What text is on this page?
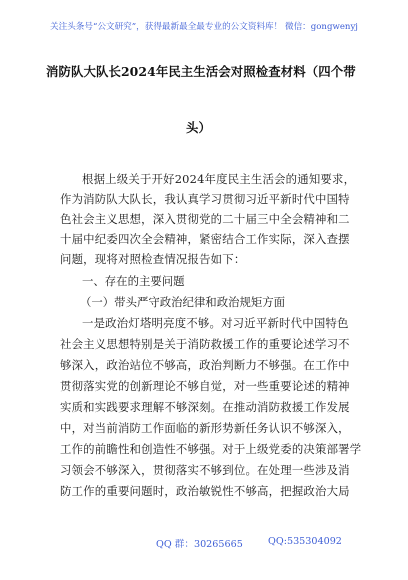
关注头条号“公文研究”，获得最新最全最专业的公文资料库！ 微信：gongwenyj
消防队大队长2024年民主生活会对照检查材料（四个带
头）
根据上级关于开好2024年度民主生活会的通知要求，
作为消防队大队长，我认真学习贯彻习近平新时代中国特
色社会主义思想，深入贯彻党的二十届三中全会精神和二
十届中纪委四次全会精神，紧密结合工作实际，深入查摆
问题，现将对照检查情况报告如下：
一、存在的主要问题
（一）带头严守政治纪律和政治规矩方面
一是政治灯塔明亮度不够。对习近平新时代中国特色
社会主义思想特别是关于消防救援工作的重要论述学习不
够深入，政治站位不够高，政治判断力不够强。在工作中
贯彻落实党的创新理论不够自觉，对一些重要论述的精神
实质和实践要求理解不够深刻。在推动消防救援工作发展
中，对当前消防工作面临的新形势新任务认识不够深入，
工作的前瞻性和创造性不够强。对于上级党委的决策部署学
习领会不够深入，贯彻落实不够到位。在处理一些涉及消
防工作的重要问题时，政治敏锐性不够高，把握政治大局
QQ 群：30265665	QQ:535304092
